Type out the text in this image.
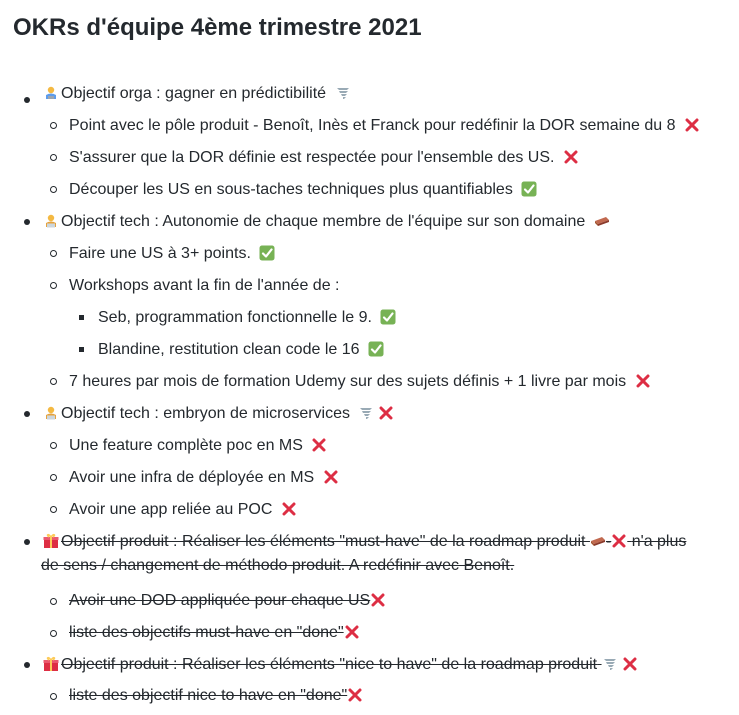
OKRs d'équipe 4ème trimestre 2021
Objectif orga : gagner en prédictibilité
Point avec le pôle produit - Benoît, Inès et Franck pour redéfinir la DOR semaine du 8
S'assurer que la DOR définie est respectée pour l'ensemble des US.
Découper les US en sous-taches techniques plus quantifiables
Objectif tech : Autonomie de chaque membre de l'équipe sur son domaine
Faire une US à 3+ points.
Workshops avant la fin de l'année de :
Seb, programmation fonctionnelle le 9.
Blandine, restitution clean code le 16
7 heures par mois de formation Udemy sur des sujets définis + 1 livre par mois
Objectif tech : embryon de microservices
Une feature complète poc en MS
Avoir une infra de déployée en MS
Avoir une app reliée au POC
Objectif produit : Réaliser les éléments "must-have" de la roadmap produit - n'a plus
de sens / changement de méthodo produit. A redéfinir avec Benoît.
Avoir une DOD appliquée pour chaque US
liste des objectifs must-have en "done"
Objectif produit : Réaliser les éléments "nice to have" de la roadmap produit
liste des objectif nice to have en "done"
